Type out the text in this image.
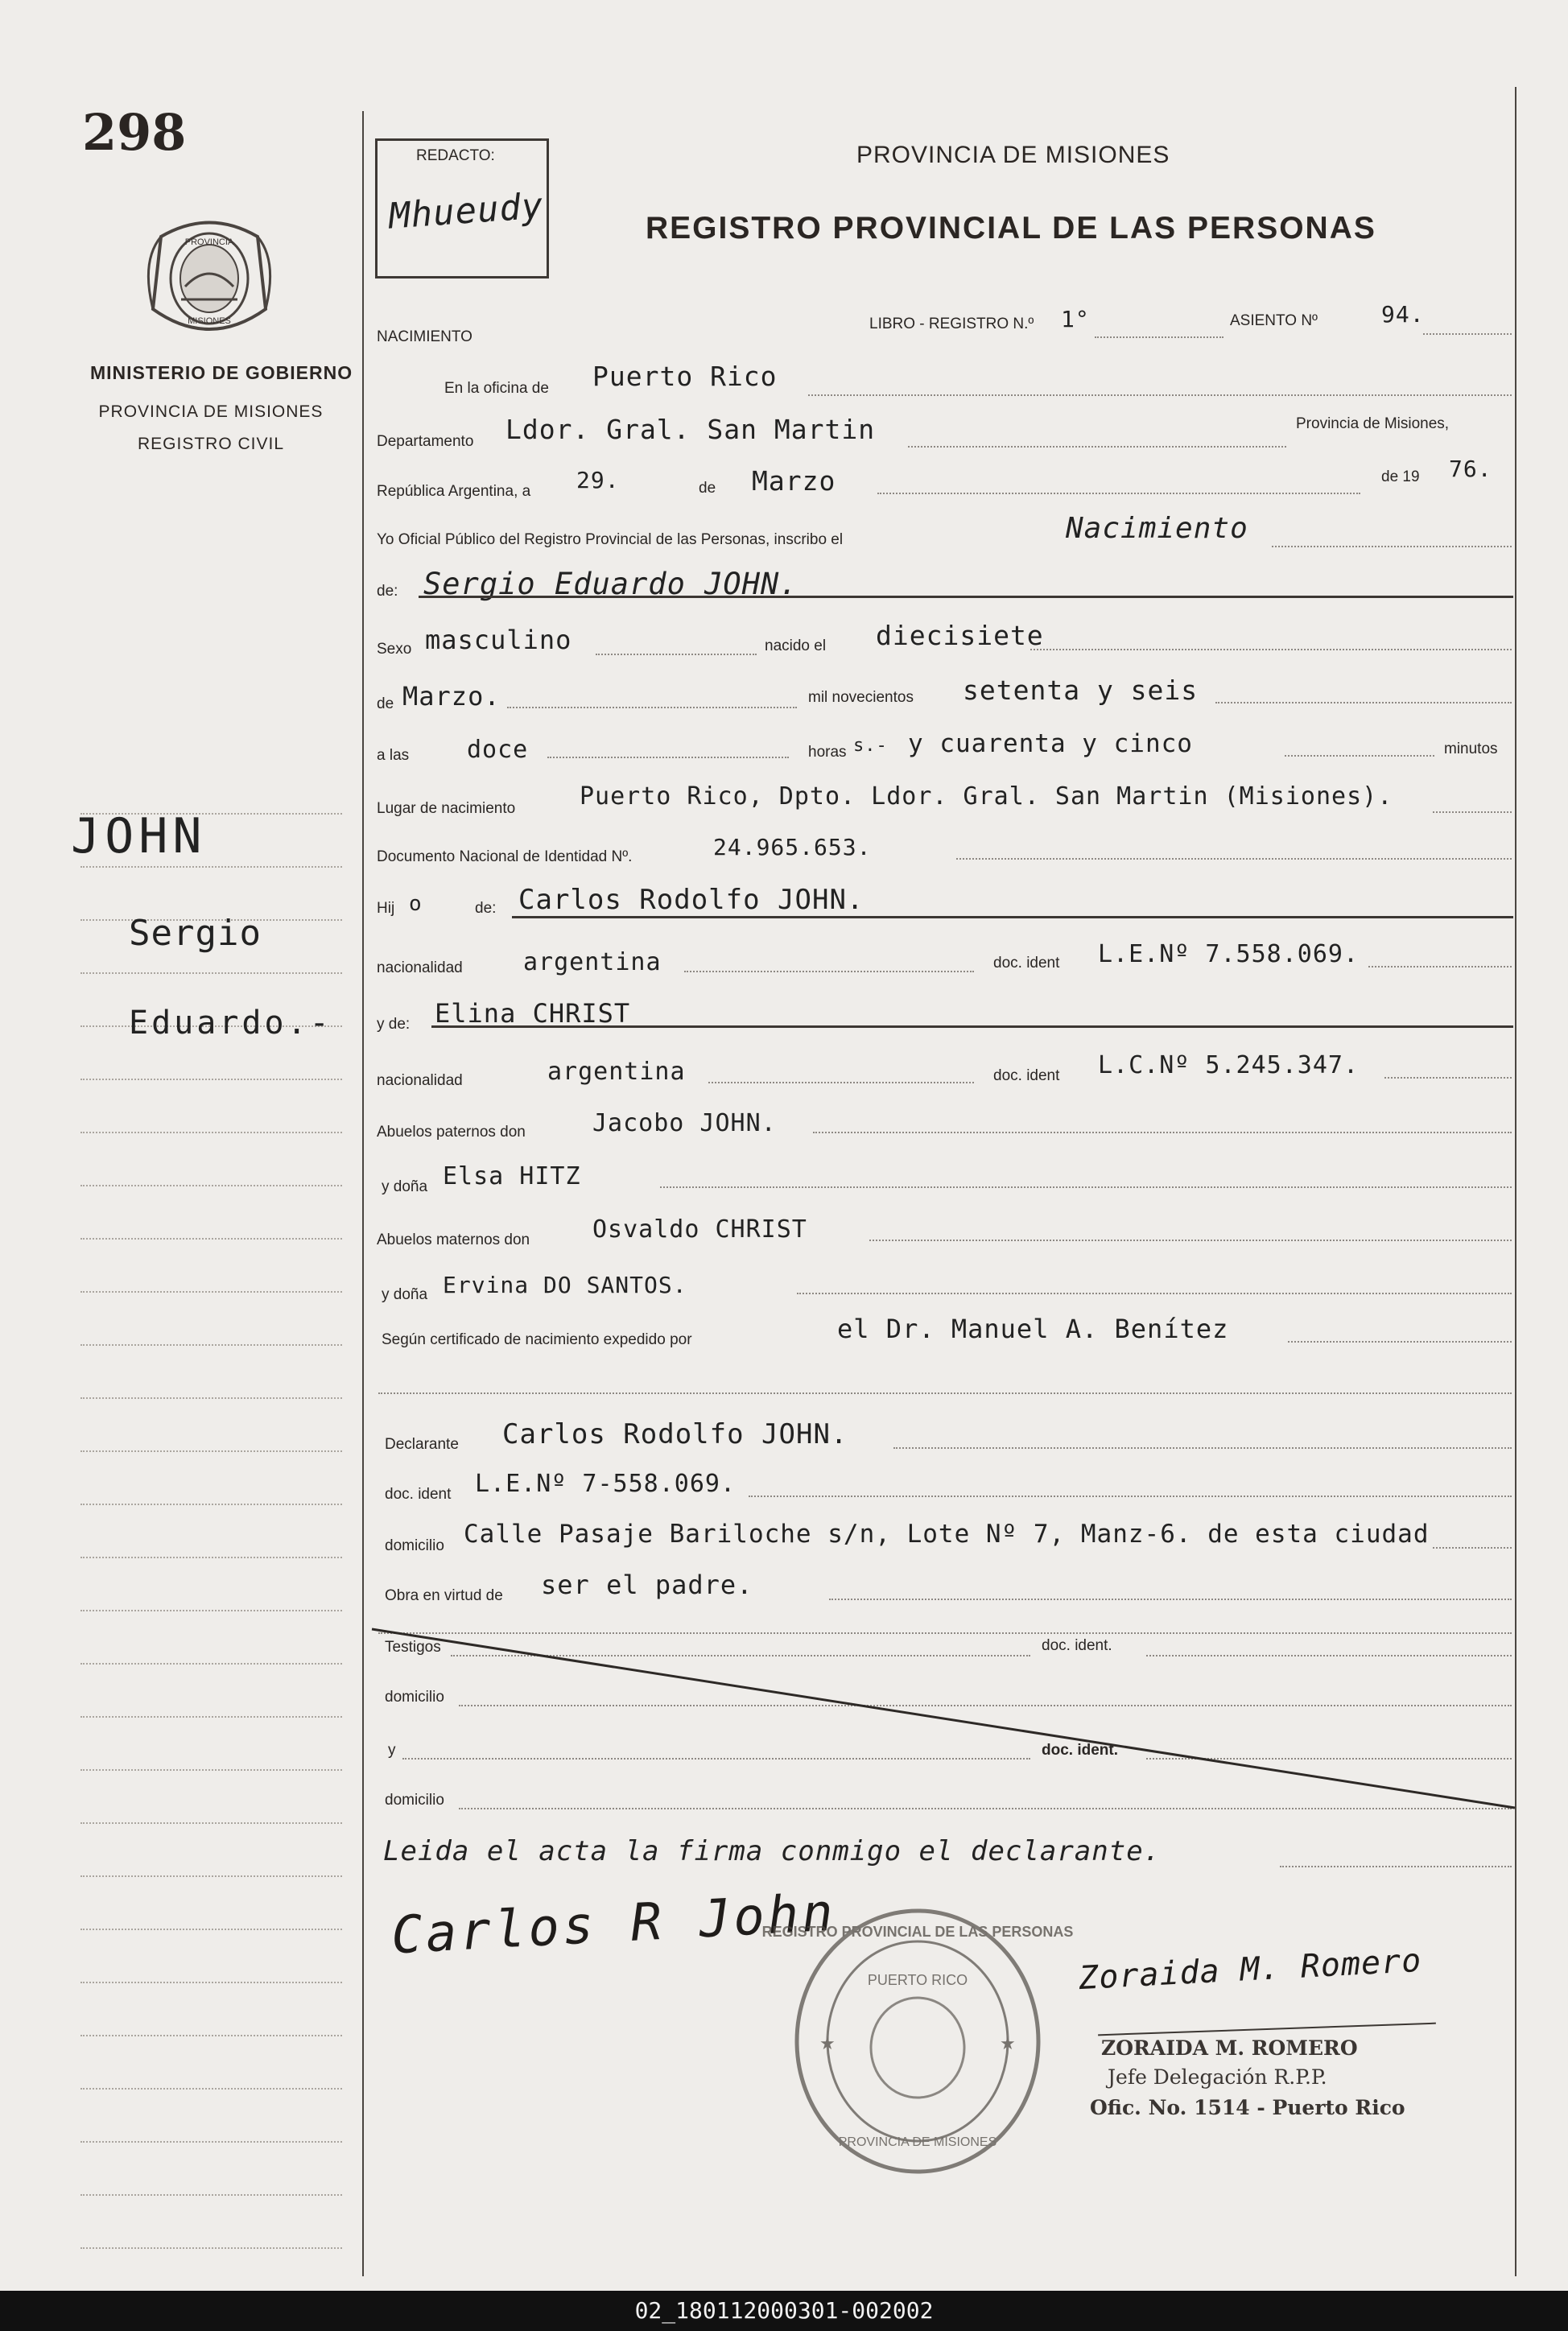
298
PROVINCIA
MISIONES
MINISTERIO DE GOBIERNO
PROVINCIA DE MISIONES
REGISTRO CIVIL
JOHN
Sergio
Eduardo.-
REDACTO:
Mhueudy
PROVINCIA DE MISIONES
REGISTRO PROVINCIAL DE LAS PERSONAS
NACIMIENTO
LIBRO - REGISTRO N.º 1°	ASIENTO Nº	94.
En la oficina de Puerto Rico
Departamento Ldor. Gral. San Martin	Provincia de Misiones,
República Argentina, a 29.	de Marzo	de 19 76.
Yo Oficial Público del Registro Provincial de las Personas, inscribo el	Nacimiento
de: Sergio Eduardo JOHN.
Sexo masculino	nacido el diecisiete
de Marzo.	mil novecientos setenta y seis
a las doce	horas s.- y cuarenta y cinco	minutos
Lugar de nacimiento	Puerto Rico, Dpto. Ldor. Gral. San Martin (Misiones).
Documento Nacional de Identidad Nº.	24.965.653.
Hij o	de: Carlos Rodolfo JOHN.
nacionalidad	argentina	doc. ident L.E.Nº 7.558.069.
y de: Elina CHRIST
nacionalidad	argentina	doc. ident L.C.Nº 5.245.347.
Abuelos paternos don	Jacobo JOHN.
y doña Elsa HITZ
Abuelos maternos don	Osvaldo CHRIST
y doña Ervina DO SANTOS.
Según certificado de nacimiento expedido por	el Dr. Manuel A. Benítez
Declarante Carlos Rodolfo JOHN.
doc. ident L.E.Nº 7-558.069.
domicilio Calle Pasaje Bariloche s/n, Lote Nº 7, Manz-6. de esta ciudad
Obra en virtud de ser el padre.
Testigos	doc. ident.
domicilio
y	doc. ident.
domicilio
Leida el acta la firma conmigo el declarante.
Carlos R John
REGISTRO PROVINCIAL DE LAS PERSONAS
PUERTO RICO
PROVINCIA DE MISIONES
★	★
Zoraida M. Romero
ZORAIDA M. ROMERO
Jefe Delegación R.P.P.
Ofic. No. 1514 - Puerto Rico
02_180112000301-002002
